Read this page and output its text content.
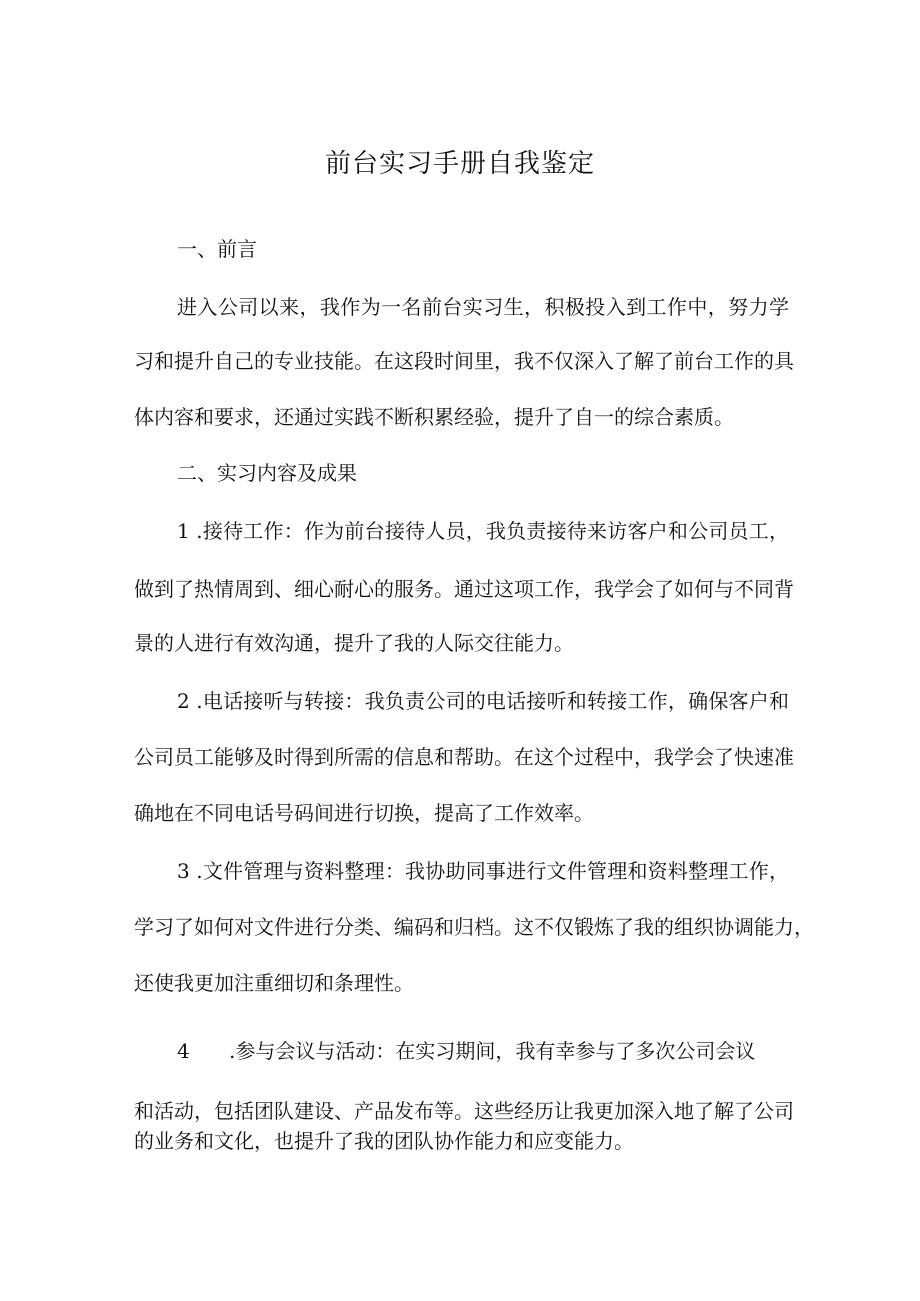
前台实习手册自我鉴定
一、前言
进入公司以来，我作为一名前台实习生，积极投入到工作中，努力学
习和提升自己的专业技能。在这段时间里，我不仅深入了解了前台工作的具
体内容和要求，还通过实践不断积累经验，提升了自一的综合素质。
二、实习内容及成果
1 .接待工作：作为前台接待人员，我负责接待来访客户和公司员工，
做到了热情周到、细心耐心的服务。通过这项工作，我学会了如何与不同背
景的人进行有效沟通，提升了我的人际交往能力。
2 .电话接听与转接：我负责公司的电话接听和转接工作，确保客户和
公司员工能够及时得到所需的信息和帮助。在这个过程中，我学会了快速准
确地在不同电话号码间进行切换，提高了工作效率。
3 .文件管理与资料整理：我协助同事进行文件管理和资料整理工作，
学习了如何对文件进行分类、编码和归档。这不仅锻炼了我的组织协调能力，
还使我更加注重细切和条理性。
4 .参与会议与活动：在实习期间，我有幸参与了多次公司会议
和活动，包括团队建设、产品发布等。这些经历让我更加深入地了解了公司
的业务和文化，也提升了我的团队协作能力和应变能力。
